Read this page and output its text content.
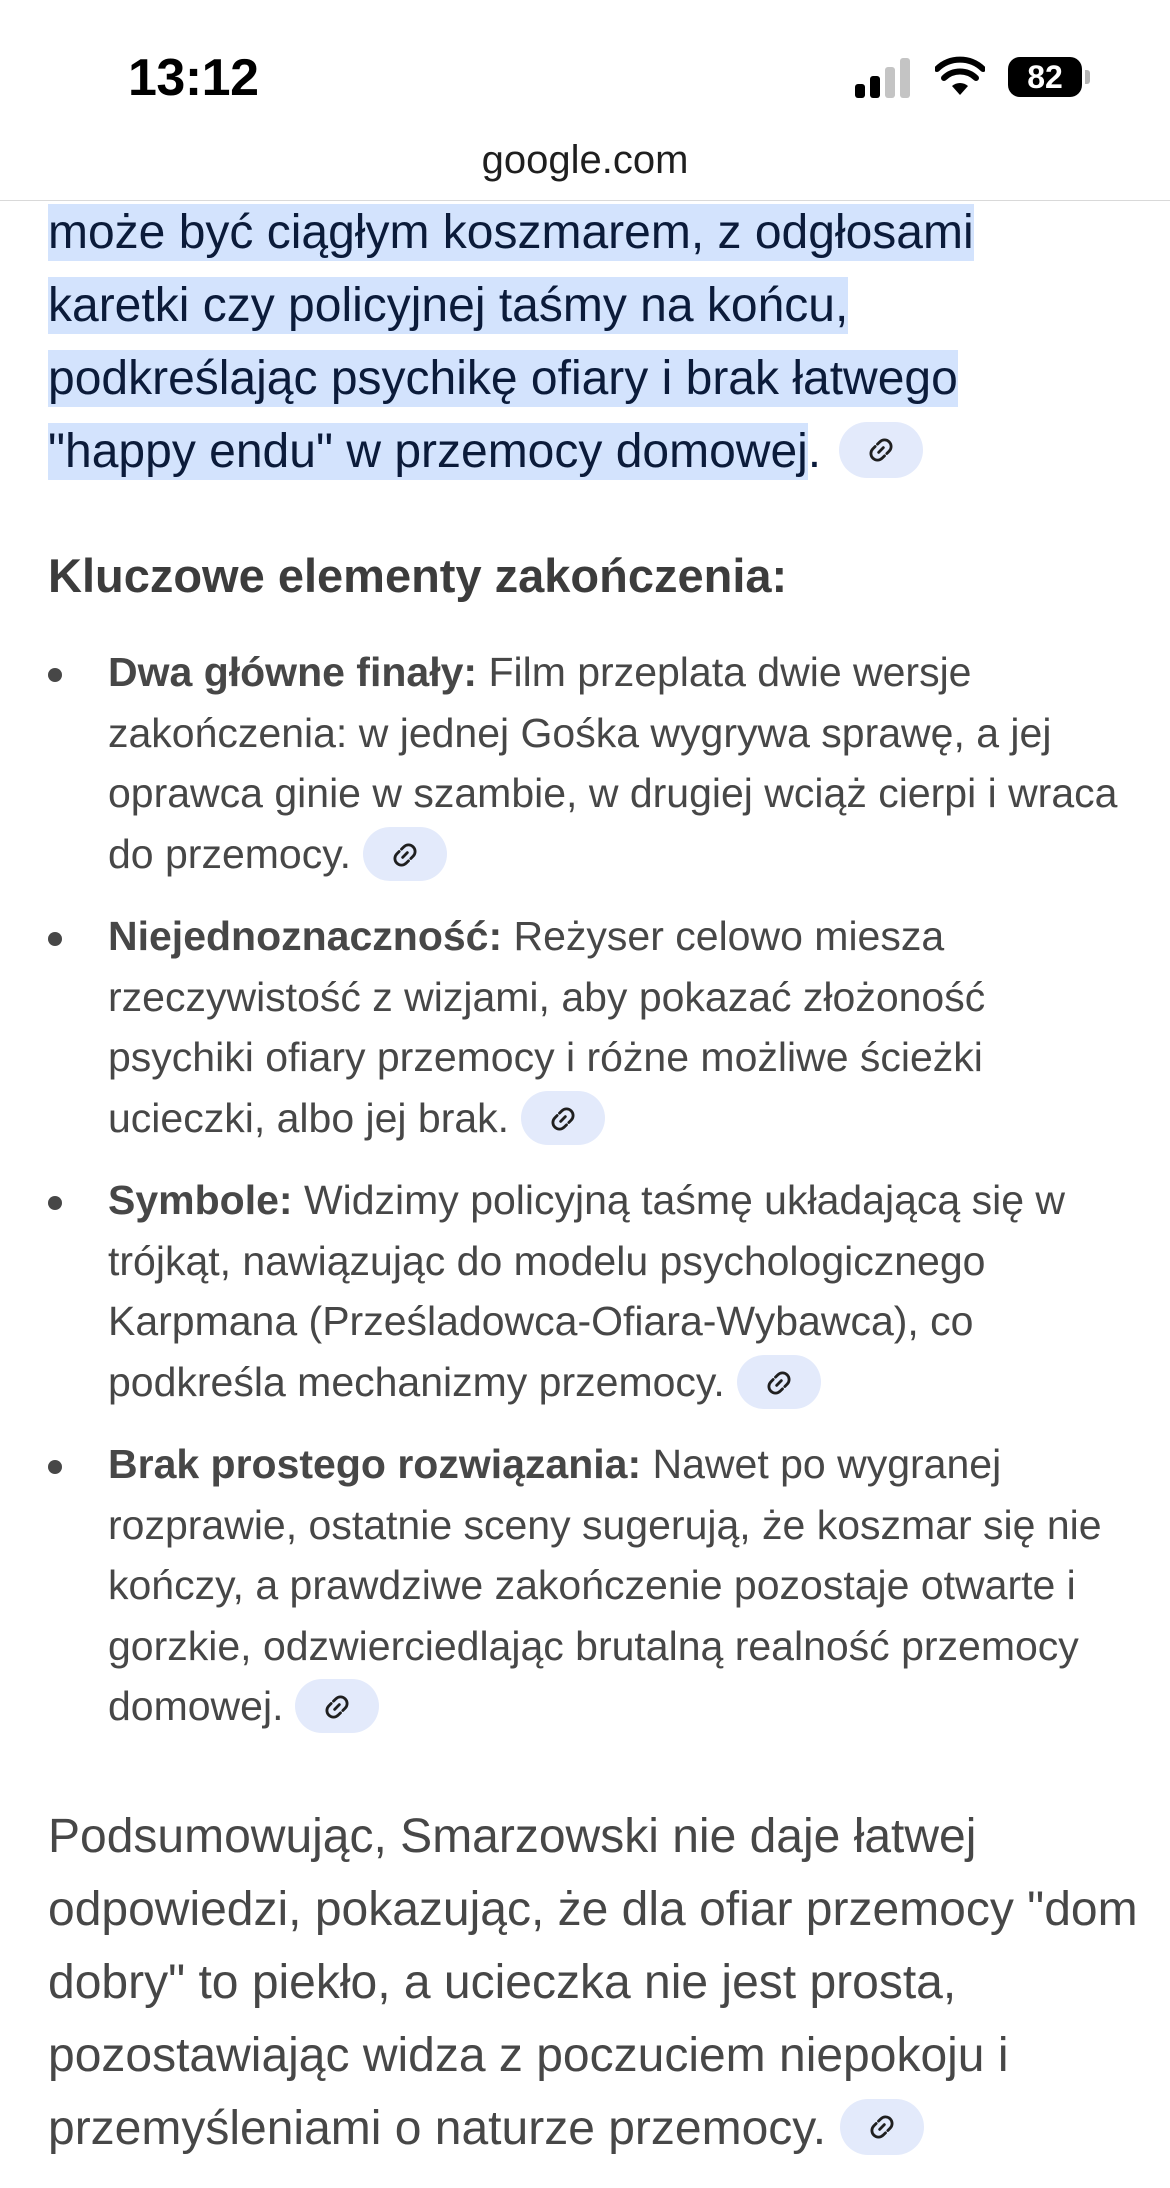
13:12	82
google.com
może być ciągłym koszmarem, z odgłosami
karetki czy policyjnej taśmy na końcu,
podkreślając psychikę ofiary i brak łatwego
"happy endu" w przemocy domowej.
Kluczowe elementy zakończenia:
Dwa główne finały: Film przeplata dwie wersje zakończenia: w jednej Gośka wygrywa sprawę, a jej oprawca ginie w szambie, w drugiej wciąż cierpi i wraca do przemocy.
Niejednoznaczność: Reżyser celowo miesza rzeczywistość z wizjami, aby pokazać złożoność psychiki ofiary przemocy i różne możliwe ścieżki ucieczki, albo jej brak.
Symbole: Widzimy policyjną taśmę układającą się w trójkąt, nawiązując do modelu psychologicznego Karpmana (Prześladowca-Ofiara-Wybawca), co podkreśla mechanizmy przemocy.
Brak prostego rozwiązania: Nawet po wygranej rozprawie, ostatnie sceny sugerują, że koszmar się nie kończy, a prawdziwe zakończenie pozostaje otwarte i gorzkie, odzwierciedlając brutalną realność przemocy domowej.
Podsumowując, Smarzowski nie daje łatwej odpowiedzi, pokazując, że dla ofiar przemocy "dom dobry" to piekło, a ucieczka nie jest prosta, pozostawiając widza z poczuciem niepokoju i przemyśleniami o naturze przemocy.
